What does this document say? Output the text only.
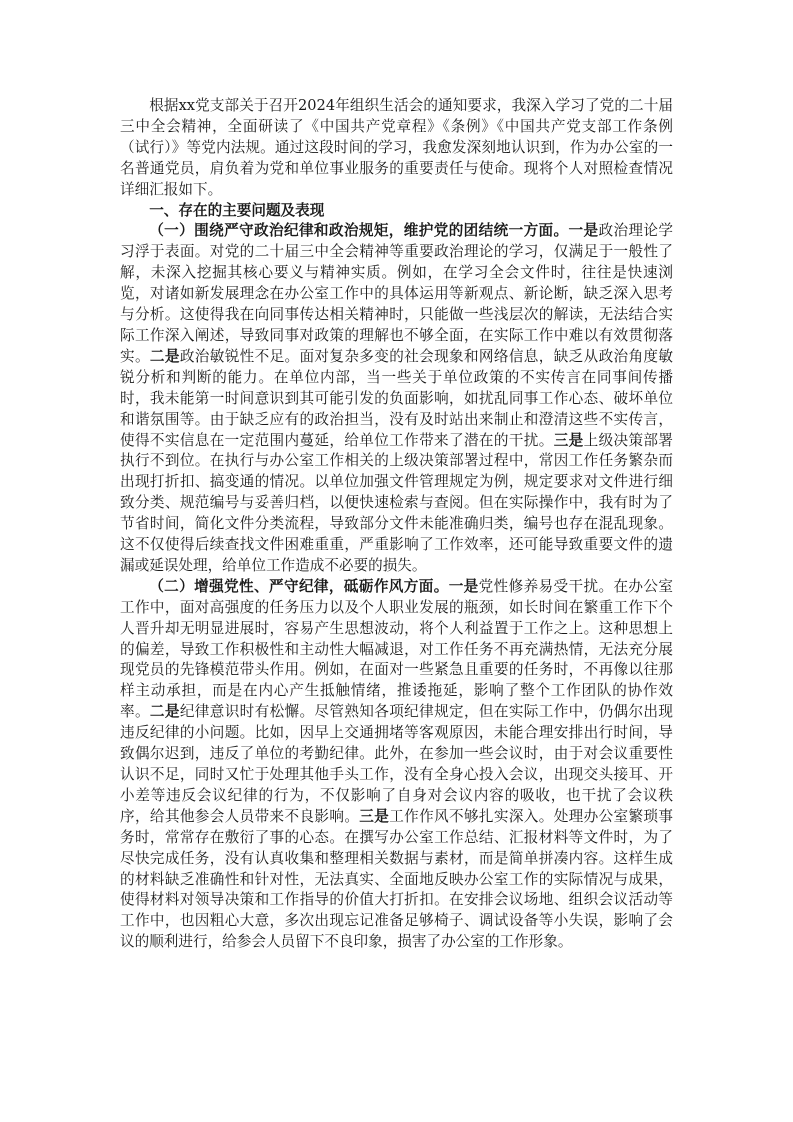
根据xx党支部关于召开2024年组织生活会的通知要求，我深入学习了党的二十届三中全会精神，全面研读了《中国共产党章程》《条例》《中国共产党支部工作条例（试行）》等党内法规。通过这段时间的学习，我愈发深刻地认识到，作为办公室的一名普通党员，肩负着为党和单位事业服务的重要责任与使命。现将个人对照检查情况详细汇报如下。

一、存在的主要问题及表现

（一）围绕严守政治纪律和政治规矩，维护党的团结统一方面。一是政治理论学习浮于表面。对党的二十届三中全会精神等重要政治理论的学习，仅满足于一般性了解，未深入挖掘其核心要义与精神实质。例如，在学习全会文件时，往往是快速浏览，对诸如新发展理念在办公室工作中的具体运用等新观点、新论断，缺乏深入思考与分析。这使得我在向同事传达相关精神时，只能做一些浅层次的解读，无法结合实际工作深入阐述，导致同事对政策的理解也不够全面，在实际工作中难以有效贯彻落实。二是政治敏锐性不足。面对复杂多变的社会现象和网络信息，缺乏从政治角度敏锐分析和判断的能力。在单位内部，当一些关于单位政策的不实传言在同事间传播时，我未能第一时间意识到其可能引发的负面影响，如扰乱同事工作心态、破坏单位和谐氛围等。由于缺乏应有的政治担当，没有及时站出来制止和澄清这些不实传言，使得不实信息在一定范围内蔓延，给单位工作带来了潜在的干扰。三是上级决策部署执行不到位。在执行与办公室工作相关的上级决策部署过程中，常因工作任务繁杂而出现打折扣、搞变通的情况。以单位加强文件管理规定为例，规定要求对文件进行细致分类、规范编号与妥善归档，以便快速检索与查阅。但在实际操作中，我有时为了节省时间，简化文件分类流程，导致部分文件未能准确归类，编号也存在混乱现象。这不仅使得后续查找文件困难重重，严重影响了工作效率，还可能导致重要文件的遗漏或延误处理，给单位工作造成不必要的损失。

（二）增强党性、严守纪律，砥砺作风方面。一是党性修养易受干扰。在办公室工作中，面对高强度的任务压力以及个人职业发展的瓶颈，如长时间在繁重工作下个人晋升却无明显进展时，容易产生思想波动，将个人利益置于工作之上。这种思想上的偏差，导致工作积极性和主动性大幅减退，对工作任务不再充满热情，无法充分展现党员的先锋模范带头作用。例如，在面对一些紧急且重要的任务时，不再像以往那样主动承担，而是在内心产生抵触情绪，推诿拖延，影响了整个工作团队的协作效率。二是纪律意识时有松懈。尽管熟知各项纪律规定，但在实际工作中，仍偶尔出现违反纪律的小问题。比如，因早上交通拥堵等客观原因，未能合理安排出行时间，导致偶尔迟到，违反了单位的考勤纪律。此外，在参加一些会议时，由于对会议重要性认识不足，同时又忙于处理其他手头工作，没有全身心投入会议，出现交头接耳、开小差等违反会议纪律的行为，不仅影响了自身对会议内容的吸收，也干扰了会议秩序，给其他参会人员带来不良影响。三是工作作风不够扎实深入。处理办公室繁琐事务时，常常存在敷衍了事的心态。在撰写办公室工作总结、汇报材料等文件时，为了尽快完成任务，没有认真收集和整理相关数据与素材，而是简单拼凑内容。这样生成的材料缺乏准确性和针对性，无法真实、全面地反映办公室工作的实际情况与成果，使得材料对领导决策和工作指导的价值大打折扣。在安排会议场地、组织会议活动等工作中，也因粗心大意，多次出现忘记准备足够椅子、调试设备等小失误，影响了会议的顺利进行，给参会人员留下不良印象，损害了办公室的工作形象。
